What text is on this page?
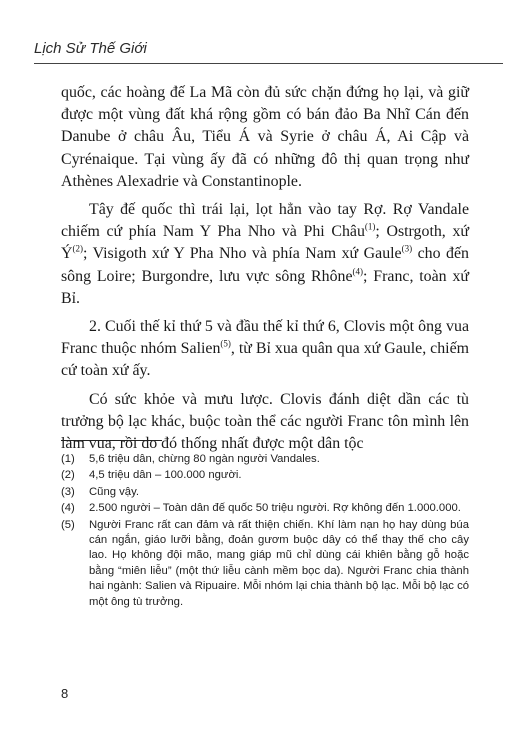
Lịch Sử Thế Giới

quốc, các hoàng đế La Mã còn đủ sức chặn đứng họ lại, và giữ được một vùng đất khá rộng gồm có bán đảo Ba Nhĩ Cán đến Danube ở châu Âu, Tiểu Á và Syrie ở châu Á, Ai Cập và Cyrénaique. Tại vùng ấy đã có những đô thị quan trọng như Athènes Alexadrie và Constantinople.

Tây đế quốc thì trái lại, lọt hẳn vào tay Rợ. Rợ Vandale chiếm cứ phía Nam Y Pha Nho và Phi Châu$^{(1)}$; Ostrgoth, xứ $Ý^{(2)}$; Visigoth xứ Y Pha Nho và phía Nam xứ Gaule$^{(3)}$ cho đến sông Loire; Burgondre, lưu vực sông Rhône$^{(4)}$; Franc, toàn xứ Bỉ.

2. Cuối thế kỉ thứ 5 và đầu thế kỉ thứ 6, Clovis một ông vua Franc thuộc nhóm Salien$^{(5)}$, từ Bỉ xua quân qua xứ Gaule, chiếm cứ toàn xứ ấy.

Có sức khỏe và mưu lược. Clovis đánh diệt dần các tù trưởng bộ lạc khác, buộc toàn thể các người Franc tôn mình lên làm vua, rồi do đó thống nhất được một dân tộc

(1)	5,6 triệu dân, chừng 80 ngàn người Vandales.
(2)	4,5 triệu dân – 100.000 người.
(3)	Cũng vậy.
(4)	2.500 người – Toàn dân đế quốc 50 triệu người. Rợ không đến 1.000.000.
(5)	Người Franc rất can đảm và rất thiện chiến. Khí làm nạn họ hay dùng búa cán ngắn, giáo lưỡi bằng, đoản gươm buộc dây có thể thay thế cho cây lao. Họ không đội mão, mang giáp mũ chỉ dùng cái khiên bằng gỗ hoặc bằng “miên liễu” (một thứ liễu cành mềm bọc da). Người Franc chia thành hai ngành: Salien và Ripuaire. Mỗi nhóm lại chia thành bộ lạc. Mỗi bộ lạc có một ông tù trưởng.
8
